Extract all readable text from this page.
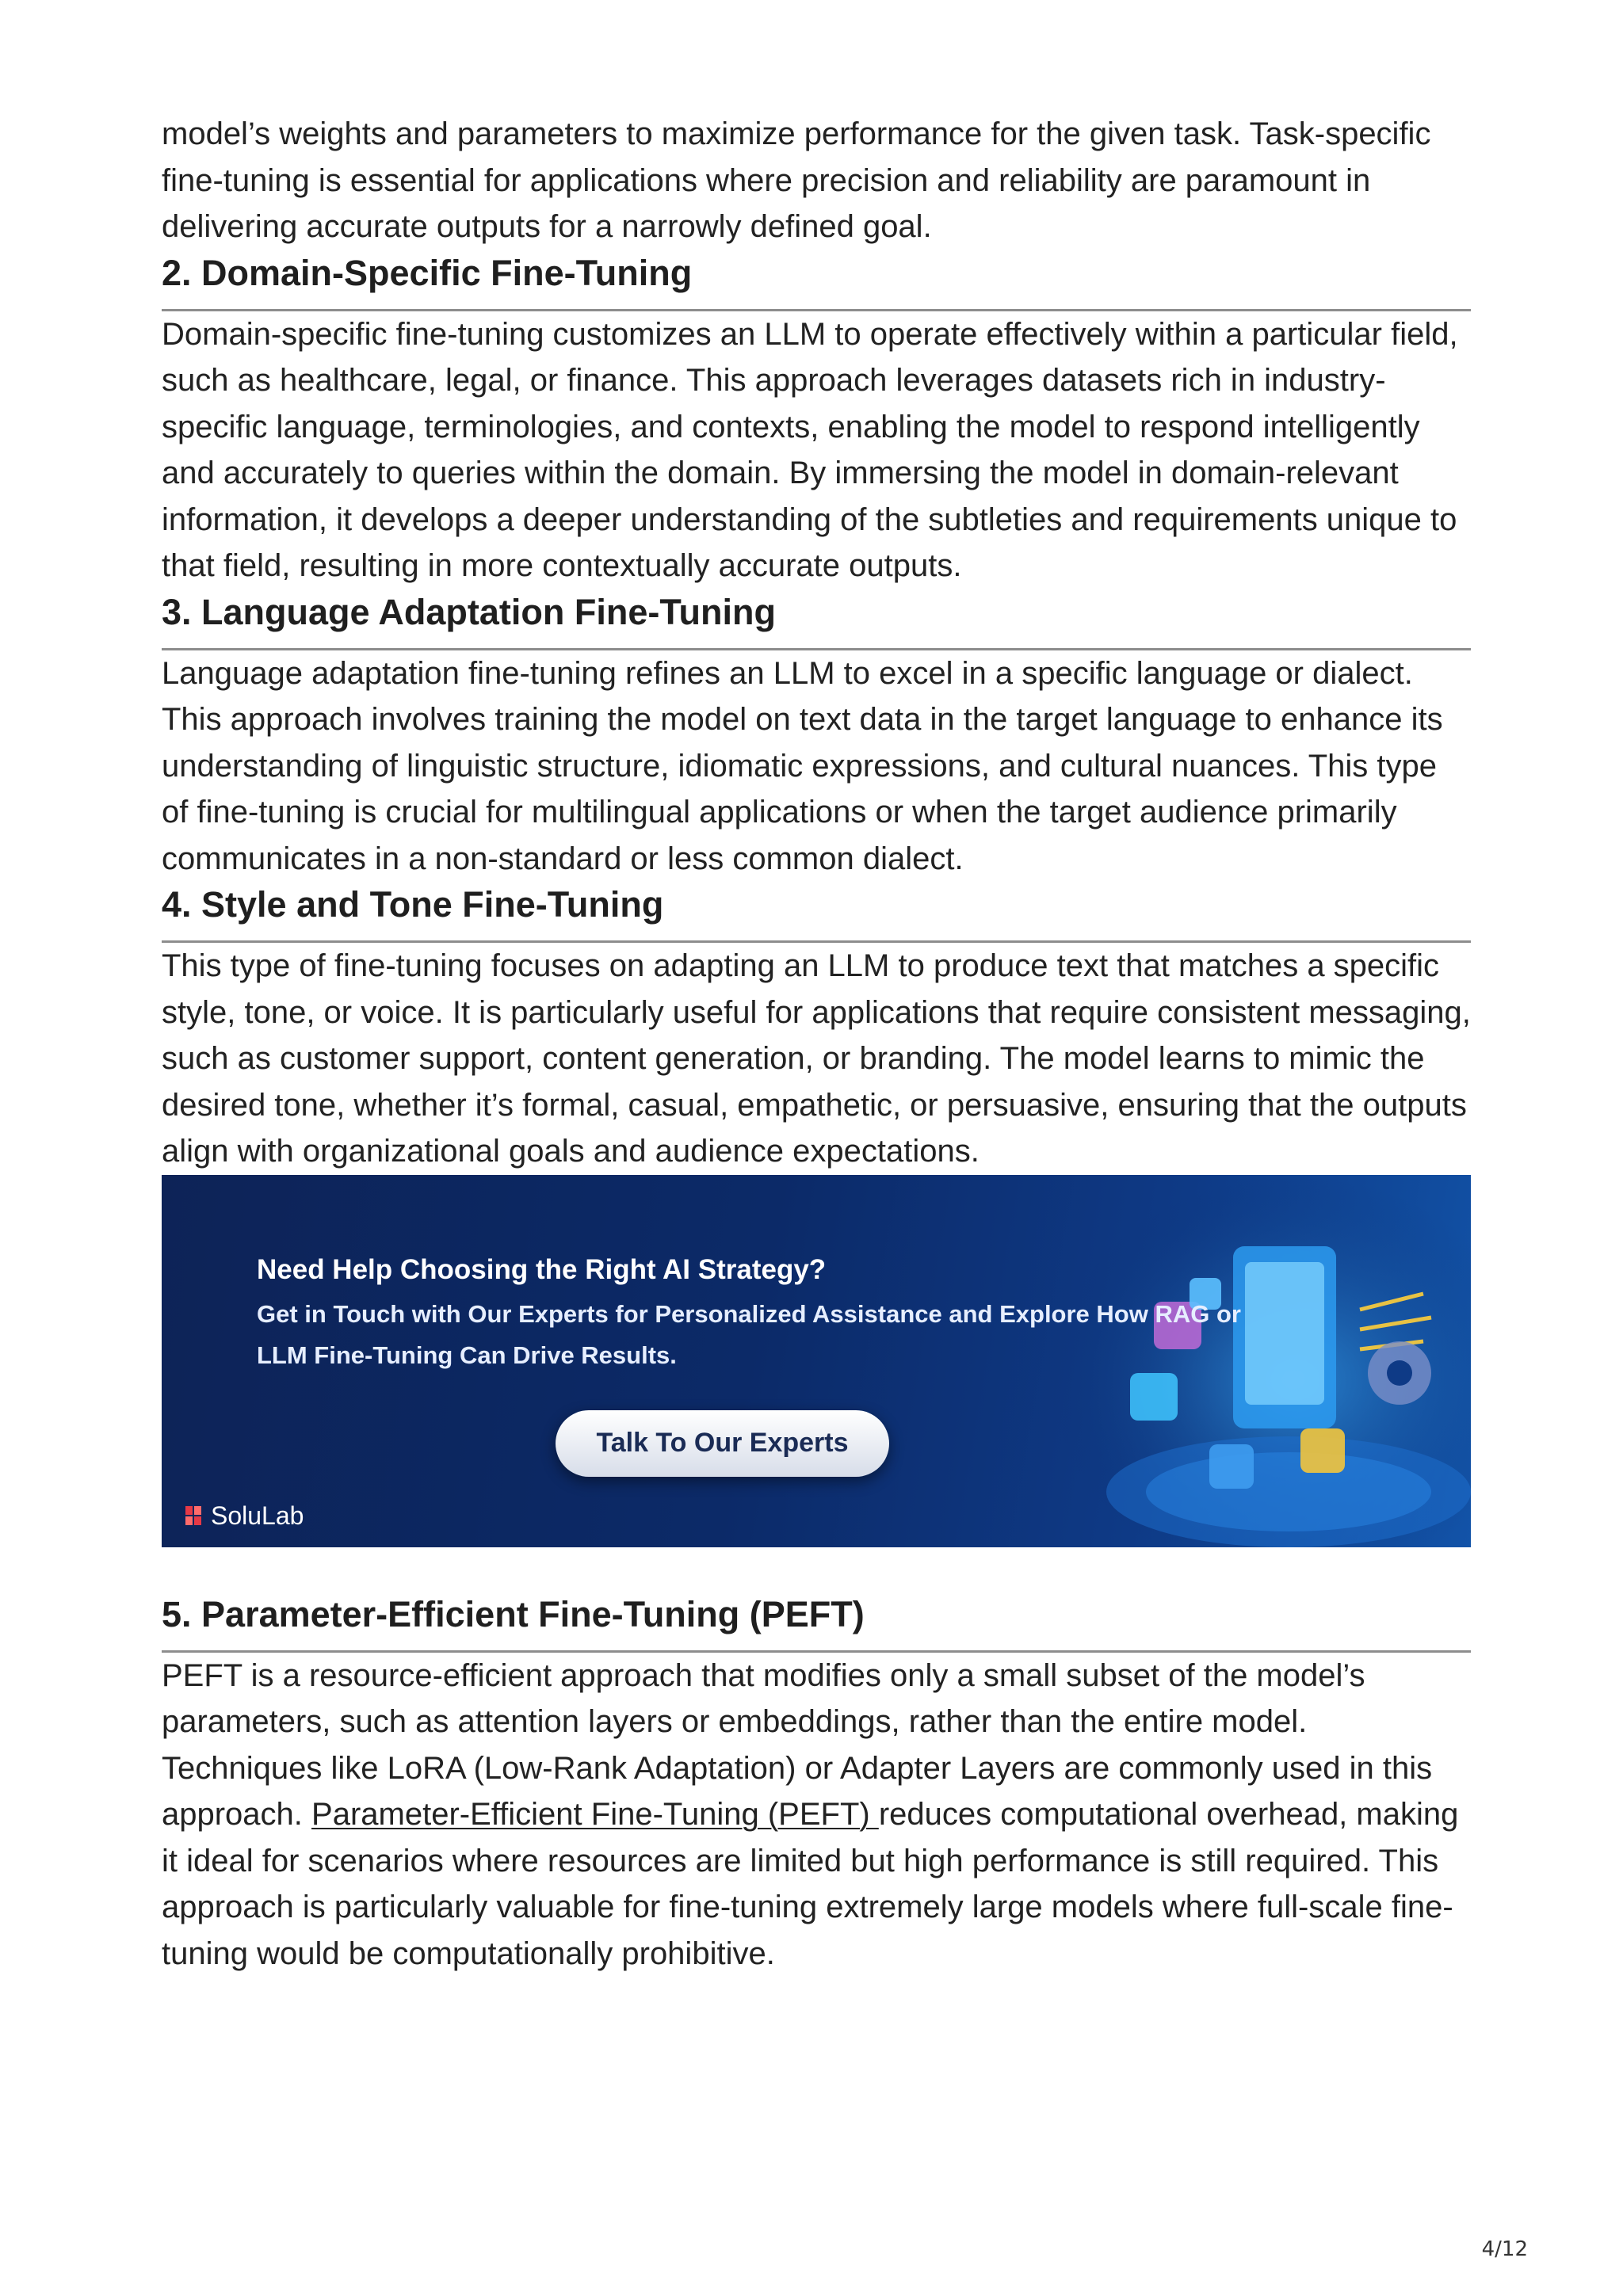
model’s weights and parameters to maximize performance for the given task. Task-specific fine-tuning is essential for applications where precision and reliability are paramount in delivering accurate outputs for a narrowly defined goal.

2. Domain-Specific Fine-Tuning

Domain-specific fine-tuning customizes an LLM to operate effectively within a particular field, such as healthcare, legal, or finance. This approach leverages datasets rich in industry-specific language, terminologies, and contexts, enabling the model to respond intelligently and accurately to queries within the domain. By immersing the model in domain-relevant information, it develops a deeper understanding of the subtleties and requirements unique to that field, resulting in more contextually accurate outputs.

3. Language Adaptation Fine-Tuning

Language adaptation fine-tuning refines an LLM to excel in a specific language or dialect. This approach involves training the model on text data in the target language to enhance its understanding of linguistic structure, idiomatic expressions, and cultural nuances. This type of fine-tuning is crucial for multilingual applications or when the target audience primarily communicates in a non-standard or less common dialect.

4. Style and Tone Fine-Tuning

This type of fine-tuning focuses on adapting an LLM to produce text that matches a specific style, tone, or voice. It is particularly useful for applications that require consistent messaging, such as customer support, content generation, or branding. The model learns to mimic the desired tone, whether it’s formal, casual, empathetic, or persuasive, ensuring that the outputs align with organizational goals and audience expectations.

Need Help Choosing the Right AI Strategy?
Get in Touch with Our Experts for Personalized Assistance and Explore How RAG or LLM Fine-Tuning Can Drive Results.
Talk To Our Experts
SoluLab
5. Parameter-Efficient Fine-Tuning (PEFT)

PEFT is a resource-efficient approach that modifies only a small subset of the model’s parameters, such as attention layers or embeddings, rather than the entire model. Techniques like LoRA (Low-Rank Adaptation) or Adapter Layers are commonly used in this approach. Parameter-Efficient Fine-Tuning (PEFT) reduces computational overhead, making it ideal for scenarios where resources are limited but high performance is still required. This approach is particularly valuable for fine-tuning extremely large models where full-scale fine-tuning would be computationally prohibitive.

4/12
